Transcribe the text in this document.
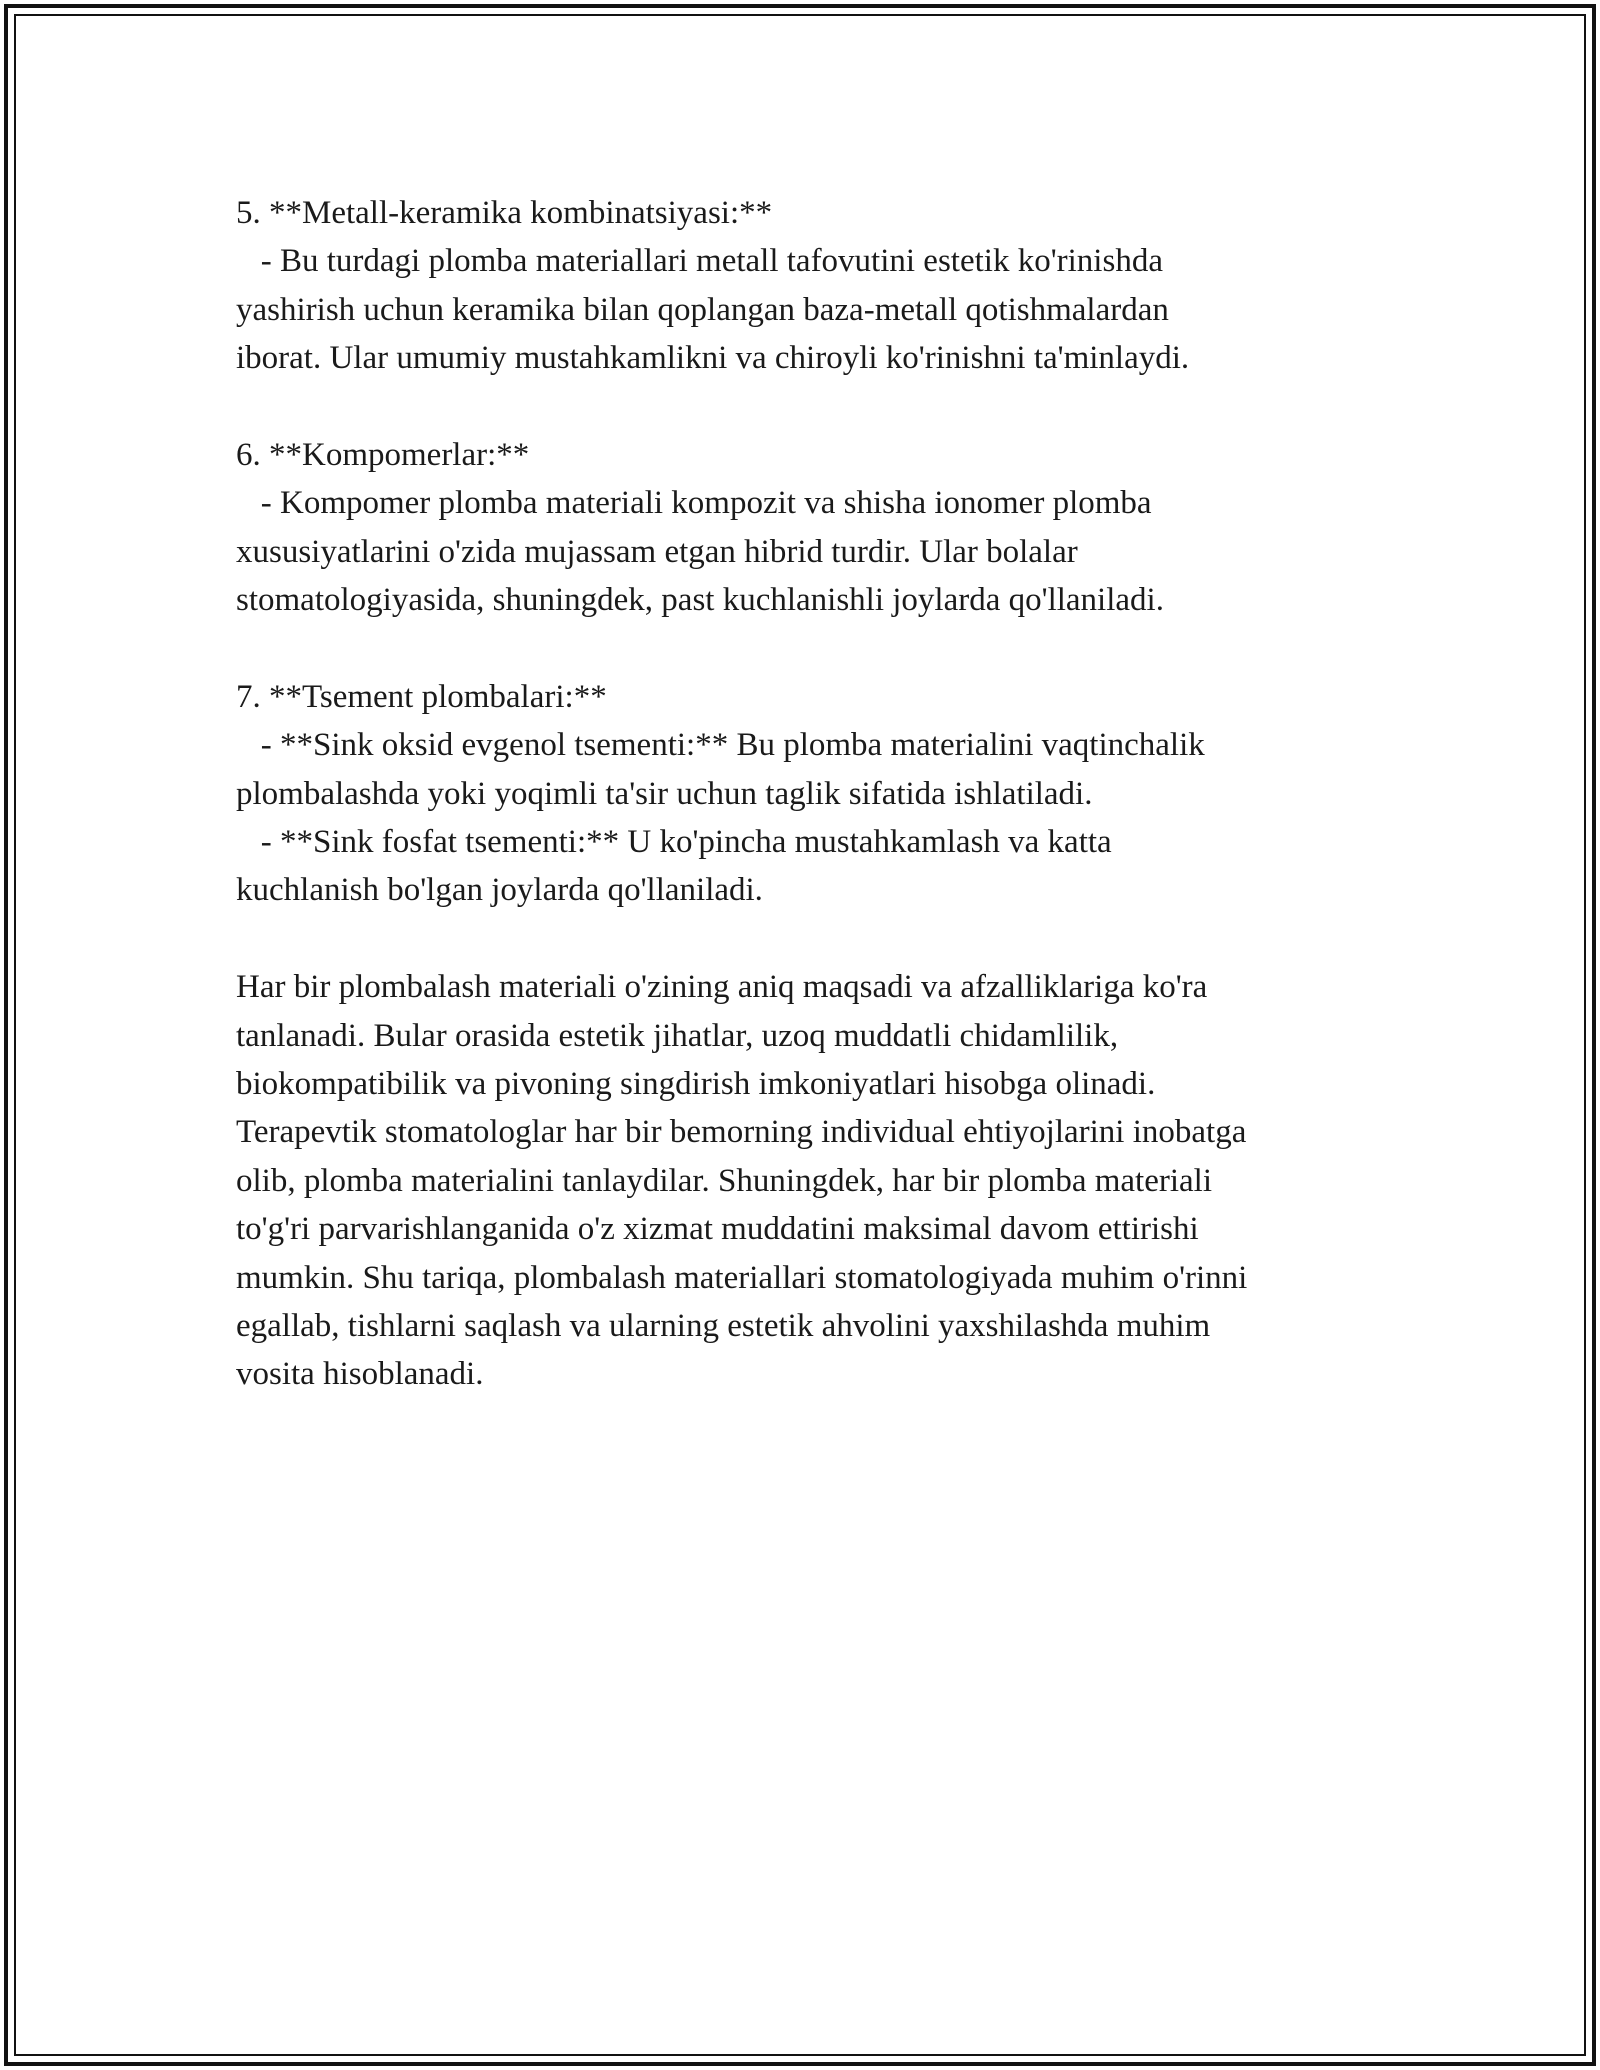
5. **Metall-keramika kombinatsiyasi:**
- Bu turdagi plomba materiallari metall tafovutini estetik ko'rinishda
yashirish uchun keramika bilan qoplangan baza-metall qotishmalardan
iborat. Ular umumiy mustahkamlikni va chiroyli ko'rinishni ta'minlaydi.
6. **Kompomerlar:**
- Kompomer plomba materiali kompozit va shisha ionomer plomba
xususiyatlarini o'zida mujassam etgan hibrid turdir. Ular bolalar
stomatologiyasida, shuningdek, past kuchlanishli joylarda qo'llaniladi.
7. **Tsement plombalari:**
- **Sink oksid evgenol tsementi:** Bu plomba materialini vaqtinchalik
plombalashda yoki yoqimli ta'sir uchun taglik sifatida ishlatiladi.
- **Sink fosfat tsementi:** U ko'pincha mustahkamlash va katta
kuchlanish bo'lgan joylarda qo'llaniladi.
Har bir plombalash materiali o'zining aniq maqsadi va afzalliklariga ko'ra
tanlanadi. Bular orasida estetik jihatlar, uzoq muddatli chidamlilik,
biokompatibilik va pivoning singdirish imkoniyatlari hisobga olinadi.
Terapevtik stomatologlar har bir bemorning individual ehtiyojlarini inobatga
olib, plomba materialini tanlaydilar. Shuningdek, har bir plomba materiali
to'g'ri parvarishlanganida o'z xizmat muddatini maksimal davom ettirishi
mumkin. Shu tariqa, plombalash materiallari stomatologiyada muhim o'rinni
egallab, tishlarni saqlash va ularning estetik ahvolini yaxshilashda muhim
vosita hisoblanadi.
